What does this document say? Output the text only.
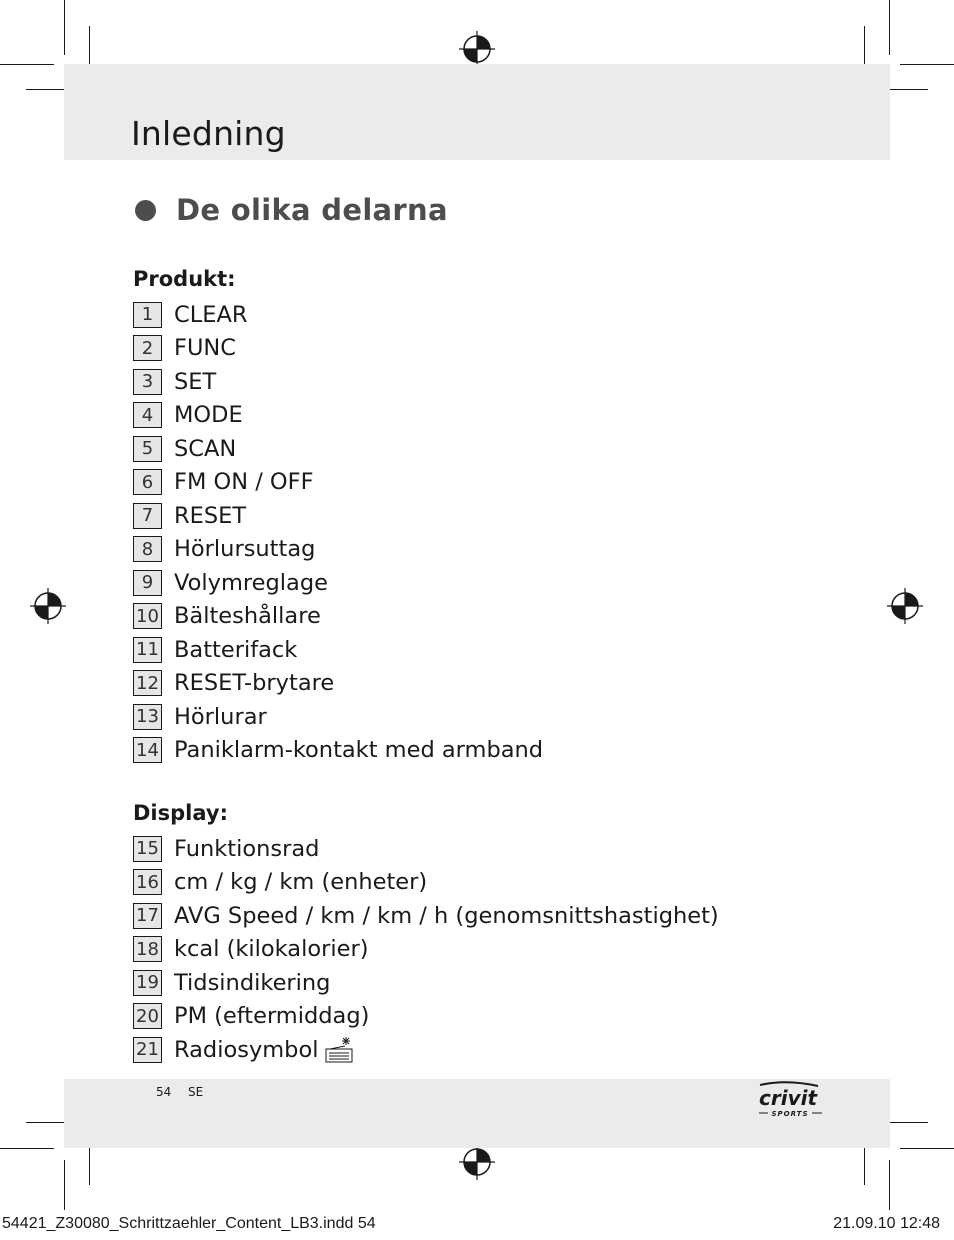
Inledning
De olika delarna

Produkt:

1 CLEAR
2 FUNC
3 SET
4 MODE
5 SCAN
6 FM ON / OFF
7 RESET
8 Hörlursuttag
9 Volymreglage
10 Bälteshållare
11 Batterifack
12 RESET-brytare
13 Hörlurar
14 Paniklarm-kontakt med armband

Display:

15 Funktionsrad
16 cm / kg / km (enheter)
17 AVG Speed / km / km / h (genomsnittshastighet)
18 kcal (kilokalorier)
19 Tidsindikering
20 PM (eftermiddag)
21 Radiosymbol
54 SE	crivit
SPORTS
54421_Z30080_Schrittzaehler_Content_LB3.indd 54	21.09.10 12:48
